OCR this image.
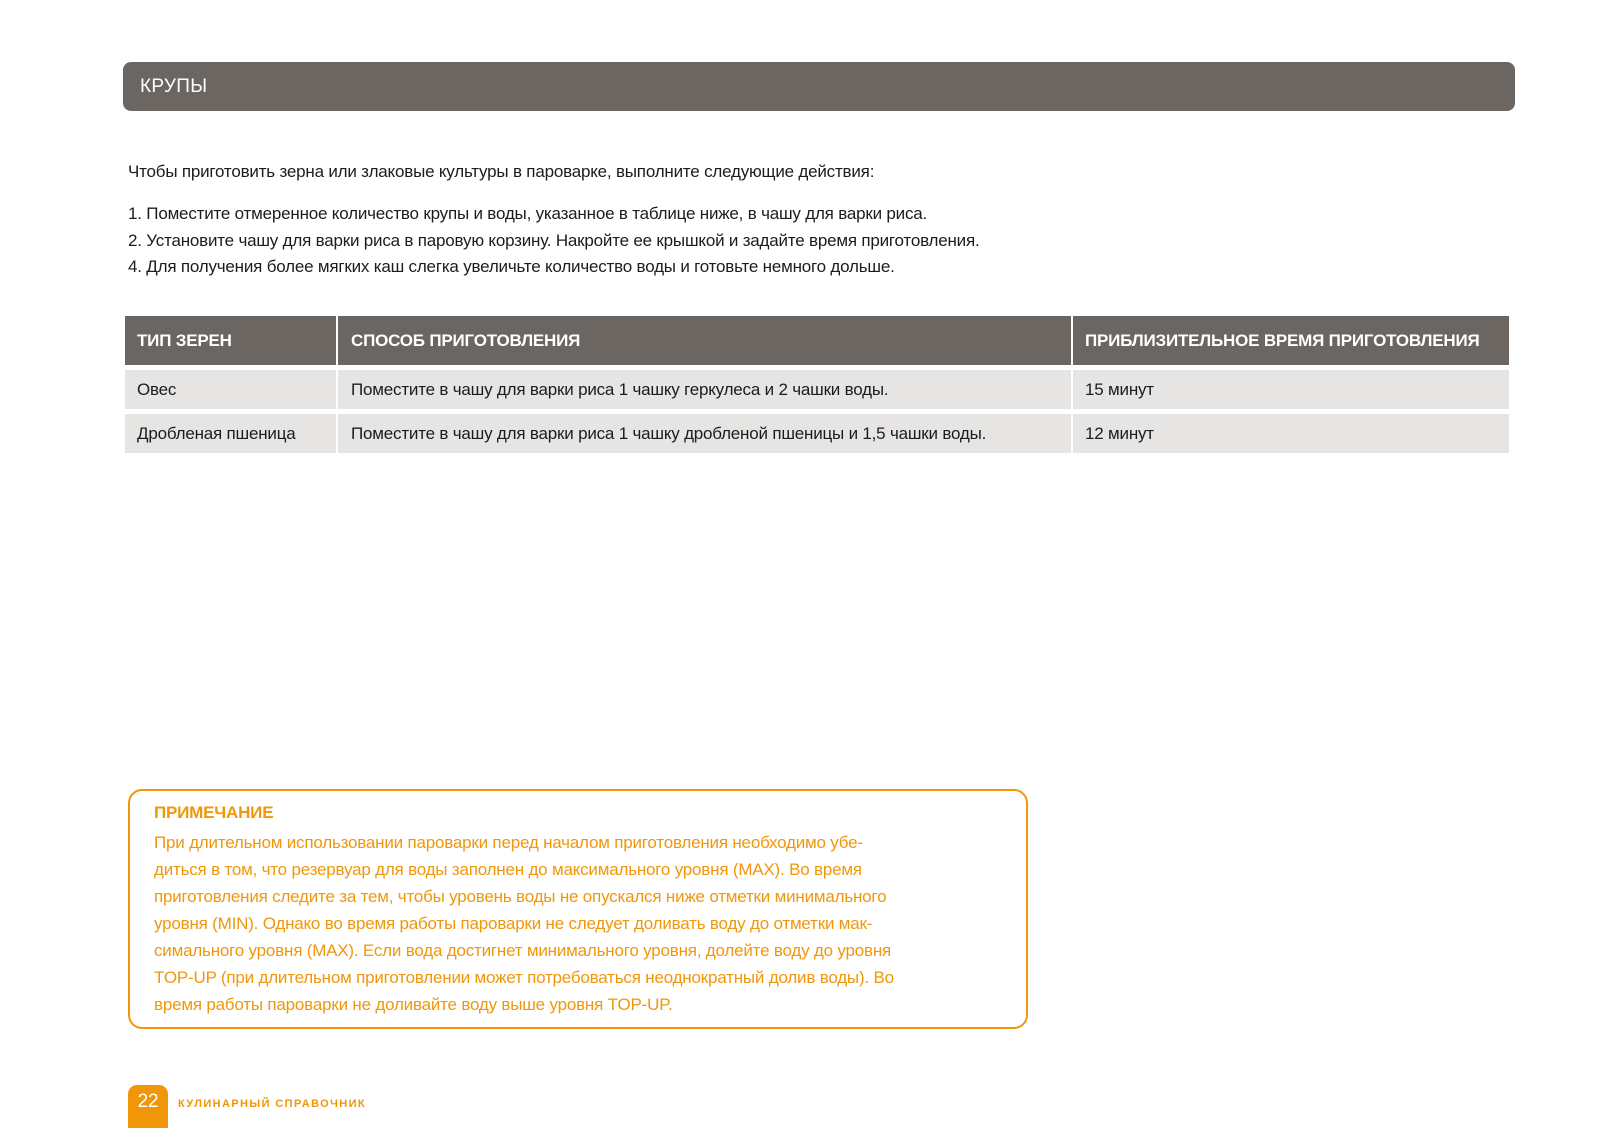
КРУПЫ
Чтобы приготовить зерна или злаковые культуры в пароварке, выполните следующие действия:
1. Поместите отмеренное количество крупы и воды, указанное в таблице ниже, в чашу для варки риса.
2. Установите чашу для варки риса в паровую корзину. Накройте ее крышкой и задайте время приготовления.
4. Для получения более мягких каш слегка увеличьте количество воды и готовьте немного дольше.
ТИП ЗЕРЕН	СПОСОБ ПРИГОТОВЛЕНИЯ	ПРИБЛИЗИТЕЛЬНОЕ ВРЕМЯ ПРИГОТОВЛЕНИЯ
Овес	Поместите в чашу для варки риса 1 чашку геркулеса и 2 чашки воды.	15 минут
Дробленая пшеница	Поместите в чашу для варки риса 1 чашку дробленой пшеницы и 1,5 чашки воды.	12 минут
ПРИМЕЧАНИЕ
При длительном использовании пароварки перед началом приготовления необходимо убе-
диться в том, что резервуар для воды заполнен до максимального уровня (MAX). Во время
приготовления следите за тем, чтобы уровень воды не опускался ниже отметки минимального
уровня (MIN). Однако во время работы пароварки не следует доливать воду до отметки мак-
симального уровня (MAX). Если вода достигнет минимального уровня, долейте воду до уровня
TOP-UP (при длительном приготовлении может потребоваться неоднократный долив воды). Во
время работы пароварки не доливайте воду выше уровня TOP-UP.
22 КУЛИНАРНЫЙ СПРАВОЧНИК
